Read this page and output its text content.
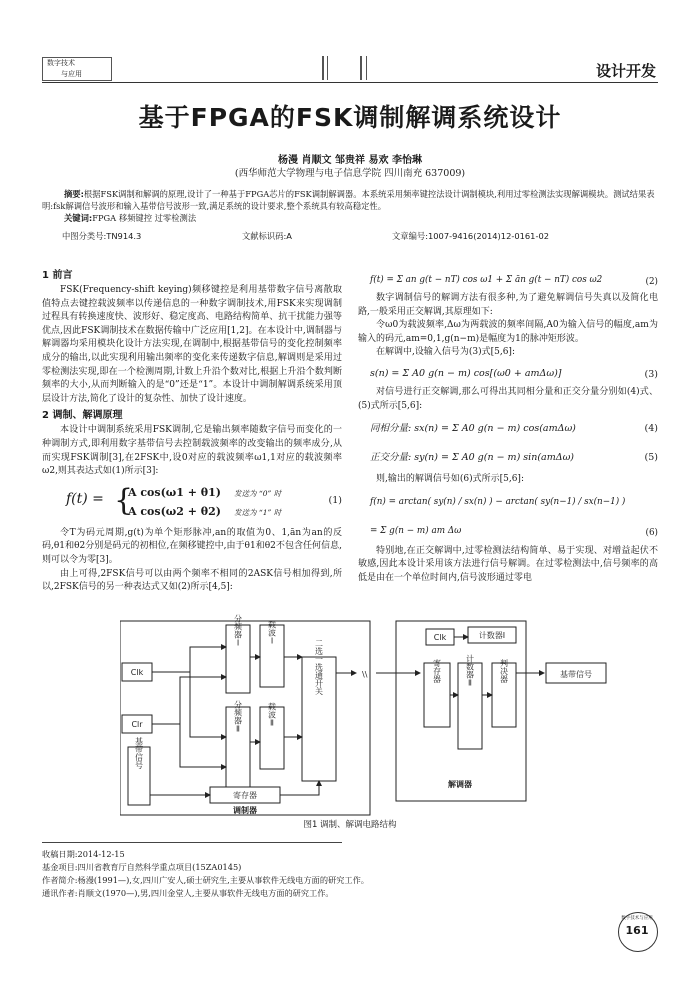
数字技术
与应用	设计开发
基于FPGA的FSK调制解调系统设计
杨漫 肖顺文 邹贵祥 易欢 李怡琳
(西华师范大学物理与电子信息学院 四川南充 637009)
摘要:根据FSK调制和解调的原理,设计了一种基于FPGA芯片的FSK调制解调器。本系统采用频率键控法设计调制模块,利用过零检测法实现解调模块。测试结果表明:fsk解调信号波形和输入基带信号波形一致,满足系统的设计要求,整个系统具有较高稳定性。
关键词:FPGA 移频键控 过零检测法
中图分类号:TN914.3	文献标识码:A	文章编号:1007-9416(2014)12-0161-02
1 前言

FSK(Frequency-shift keying)频移键控是利用基带数字信号离散取值特点去键控载波频率以传递信息的一种数字调制技术,用FSK来实现调制过程具有转换速度快、波形好、稳定度高、电路结构简单、抗干扰能力强等优点,因此FSK调制技术在数据传输中广泛应用[1,2]。在本设计中,调制器与解调器均采用模块化设计方法实现,在调制中,根据基带信号的变化控制频率成分的输出,以此实现利用输出频率的变化来传递数字信息,解调则是采用过零检测法实现,即在一个检测周期,计数上升沿个数对比,根据上升沿个数判断频率的大小,从而判断输入的是“0”还是“1”。本设计中调制解调系统采用顶层设计方法,简化了设计的复杂性、加快了设计速度。

2 调制、解调原理

本设计中调制系统采用FSK调制,它是输出频率随数字信号而变化的一种调制方式,即利用数字基带信号去控制载波频率的改变输出的频率成分,从而实现FSK调制[3],在2FSK中,设0对应的载波频率ω1,1对应的载波频率ω2,则其表达式如(1)所示[3]:

f(t) = {
A cos(ω1 + θ1) 发送为 “0” 时
A cos(ω2 + θ2) 发送为 “1” 时
(1)

令T为码元周期,g(t)为单个矩形脉冲,an的取值为0、1,ān为an的反码,θ1和θ2分别是码元的初相位,在频移键控中,由于θ1和θ2不包含任何信息,则可以令为零[3]。

由上可得,2FSK信号可以由两个频率不相同的2ASK信号相加得到,所以,2FSK信号的另一种表达式又如(2)所示[4,5]:

f(t) = Σ an g(t − nT) cos ω1 + Σ ān g(t − nT) cos ω2	(2)

数字调制信号的解调方法有很多种,为了避免解调信号失真以及简化电路,一般采用正交解调,其原理如下:

令ω0为载波频率,Δω为两载波的频率间隔,A0为输入信号的幅度,am为输入的码元,am=0,1,g(n−m)是幅度为1的脉冲矩形波。

在解调中,设输入信号为(3)式[5,6]:

s(n) = Σ A0 g(n − m) cos[(ω0 + amΔω)]	(3)

对信号进行正交解调,那么可得出其同相分量和正交分量分别如(4)式、(5)式所示[5,6]:

同相分量: sx(n) = Σ A0 g(n − m) cos(amΔω)	(4)
正交分量: sy(n) = Σ A0 g(n − m) sin(amΔω)	(5)

则,输出的解调信号如(6)式所示[5,6]:

f(n) = arctan( sy(n) / sx(n) ) − arctan( sy(n−1) / sx(n−1) )
= Σ g(n − m) am Δω	(6)

特别地,在正交解调中,过零检测法结构简单、易于实现、对增益起伏不敏感,因此本设计采用该方法进行信号解调。在过零检测法中,信号频率的高低是由在一个单位时间内,信号波形通过零电

Clk
Clr
基带信号
分频器Ⅰ
分频器Ⅱ
载波Ⅰ
载波Ⅱ
二选一选通开关
寄存器
调制器
\\
Clk	计数器Ⅰ
寄存器	计数器Ⅱ	判决器
解调器
基带信号
图1 调制、解调电路结构
收稿日期:2014-12-15
基金项目:四川省教育厅自然科学重点项目(15ZA0145)
作者简介:杨漫(1991—),女,四川广安人,硕士研究生,主要从事软件无线电方面的研究工作。
通讯作者:肖顺文(1970—),男,四川金堂人,主要从事软件无线电方面的研究工作。
数字技术与应用
161
